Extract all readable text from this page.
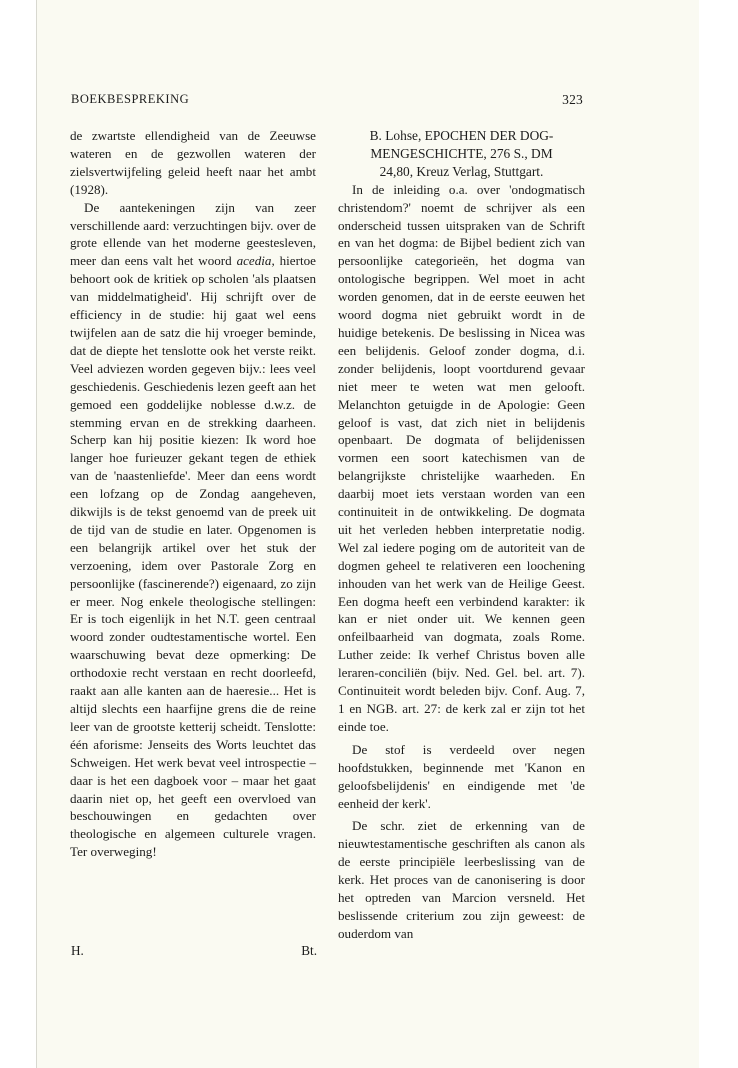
BOEKBESPREKING	323

de zwartste ellendigheid van de Zeeuwse wateren en de gezwollen wateren der zielsvertwijfeling geleid heeft naar het ambt (1928).

De aantekeningen zijn van zeer verschillende aard: verzuchtingen bijv. over de grote ellende van het moderne geestesleven, meer dan eens valt het woord acedia, hiertoe behoort ook de kritiek op scholen 'als plaatsen van middelmatigheid'. Hij schrijft over de efficiency in de studie: hij gaat wel eens twijfelen aan de satz die hij vroeger beminde, dat de diepte het tenslotte ook het verste reikt. Veel adviezen worden gegeven bijv.: lees veel geschiedenis. Geschiedenis lezen geeft aan het gemoed een goddelijke noblesse d.w.z. de stemming ervan en de strekking daarheen. Scherp kan hij positie kiezen: Ik word hoe langer hoe furieuzer gekant tegen de ethiek van de 'naastenliefde'. Meer dan eens wordt een lofzang op de Zondag aangeheven, dikwijls is de tekst genoemd van de preek uit de tijd van de studie en later. Opgenomen is een belangrijk artikel over het stuk der verzoening, idem over Pastorale Zorg en persoonlijke (fascinerende?) eigenaard, zo zijn er meer. Nog enkele theologische stellingen: Er is toch eigenlijk in het N.T. geen centraal woord zonder oudtestamentische wortel. Een waarschuwing bevat deze opmerking: De orthodoxie recht verstaan en recht doorleefd, raakt aan alle kanten aan de haeresie... Het is altijd slechts een haarfijne grens die de reine leer van de grootste ketterij scheidt. Tenslotte: één aforisme: Jenseits des Worts leuchtet das Schweigen. Het werk bevat veel introspectie – daar is het een dagboek voor – maar het gaat daarin niet op, het geeft een overvloed van beschouwingen en gedachten over theologische en algemeen culturele vragen. Ter overweging!

H.	Bt.
B. Lohse, EPOCHEN DER DOG-
MENGESCHICHTE, 276 S., DM
24,80, Kreuz Verlag, Stuttgart.

In de inleiding o.a. over 'ondogmatisch christendom?' noemt de schrijver als een onderscheid tussen uitspraken van de Schrift en van het dogma: de Bijbel bedient zich van persoonlijke categorieën, het dogma van ontologische begrippen. Wel moet in acht worden genomen, dat in de eerste eeuwen het woord dogma niet gebruikt wordt in de huidige betekenis. De beslissing in Nicea was een belijdenis. Geloof zonder dogma, d.i. zonder belijdenis, loopt voortdurend gevaar niet meer te weten wat men gelooft. Melanchton getuigde in de Apologie: Geen geloof is vast, dat zich niet in belijdenis openbaart. De dogmata of belijdenissen vormen een soort katechismen van de belangrijkste christelijke waarheden. En daarbij moet iets verstaan worden van een continuiteit in de ontwikkeling. De dogmata uit het verleden hebben interpretatie nodig. Wel zal iedere poging om de autoriteit van de dogmen geheel te relativeren een loochening inhouden van het werk van de Heilige Geest. Een dogma heeft een verbindend karakter: ik kan er niet onder uit. We kennen geen onfeilbaarheid van dogmata, zoals Rome. Luther zeide: Ik verhef Christus boven alle leraren-conciliën (bijv. Ned. Gel. bel. art. 7). Continuiteit wordt beleden bijv. Conf. Aug. 7, 1 en NGB. art. 27: de kerk zal er zijn tot het einde toe.

De stof is verdeeld over negen hoofdstukken, beginnende met 'Kanon en geloofsbelijdenis' en eindigende met 'de eenheid der kerk'.

De schr. ziet de erkenning van de nieuwtestamentische geschriften als canon als de eerste principiële leerbeslissing van de kerk. Het proces van de canonisering is door het optreden van Marcion versneld. Het beslissende criterium zou zijn geweest: de ouderdom van
